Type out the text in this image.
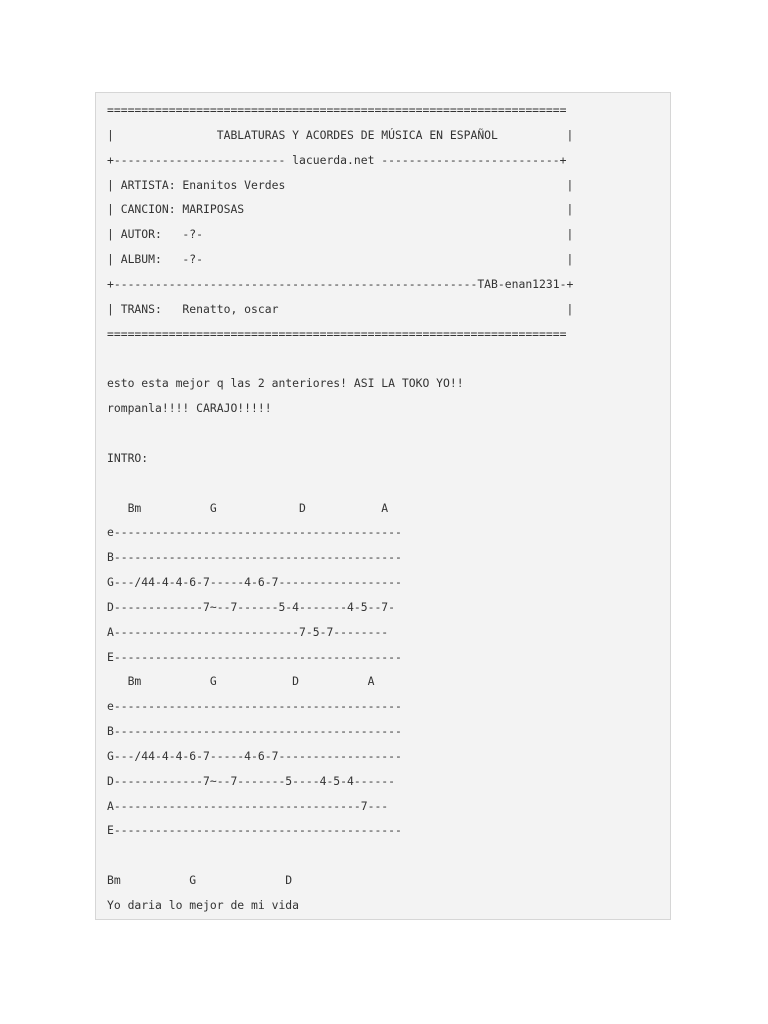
===================================================================
|               TABLATURAS Y ACORDES DE MÚSICA EN ESPAÑOL          |
+------------------------- lacuerda.net --------------------------+
| ARTISTA: Enanitos Verdes                                         |
| CANCION: MARIPOSAS                                               |
| AUTOR:   -?-                                                     |
| ALBUM:   -?-                                                     |
+-----------------------------------------------------TAB-enan1231-+
| TRANS:   Renatto, oscar                                          |
===================================================================
esto esta mejor q las 2 anteriores! ASI LA TOKO YO!!
rompanla!!!! CARAJO!!!!!
INTRO:
Bm          G            D           A
e------------------------------------------
B------------------------------------------
G---/44-4-4-6-7-----4-6-7------------------
D-------------7~--7------5-4-------4-5--7-
A---------------------------7-5-7--------
E------------------------------------------
Bm          G           D          A
e------------------------------------------
B------------------------------------------
G---/44-4-4-6-7-----4-6-7------------------
D-------------7~--7-------5----4-5-4------
A------------------------------------7---
E------------------------------------------
Bm          G             D
Yo daria lo mejor de mi vida
